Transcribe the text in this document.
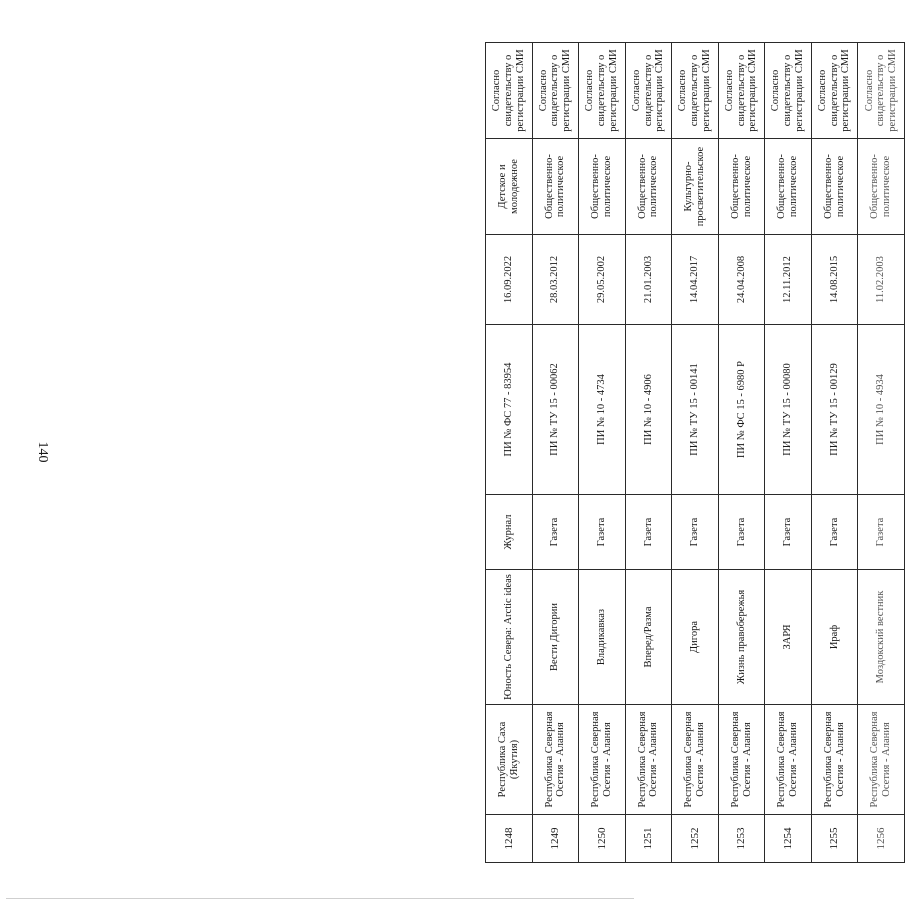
140
1248	Республика Саха (Якутия)	Юность Севера: Arctic ideas	Журнал	ПИ № ФС 77 - 83954	16.09.2022	Детское и молодежное	Согласно свидетельству о регистрации СМИ
1249	Республика Северная Осетия - Алания	Вести Дигории	Газета	ПИ № ТУ 15 - 00062	28.03.2012	Общественно-политическое	Согласно свидетельству о регистрации СМИ
1250	Республика Северная Осетия - Алания	Владикавказ	Газета	ПИ № 10 - 4734	29.05.2002	Общественно-политическое	Согласно свидетельству о регистрации СМИ
1251	Республика Северная Осетия - Алания	Вперед/Разма	Газета	ПИ № 10 - 4906	21.01.2003	Общественно-политическое	Согласно свидетельству о регистрации СМИ
1252	Республика Северная Осетия - Алания	Дигора	Газета	ПИ № ТУ 15 - 00141	14.04.2017	Культурно-просветительское	Согласно свидетельству о регистрации СМИ
1253	Республика Северная Осетия - Алания	Жизнь правобережья	Газета	ПИ № ФС 15 - 6980 Р	24.04.2008	Общественно-политическое	Согласно свидетельству о регистрации СМИ
1254	Республика Северная Осетия - Алания	ЗАРЯ	Газета	ПИ № ТУ 15 - 00080	12.11.2012	Общественно-политическое	Согласно свидетельству о регистрации СМИ
1255	Республика Северная Осетия - Алания	Ираф	Газета	ПИ № ТУ 15 - 00129	14.08.2015	Общественно-политическое	Согласно свидетельству о регистрации СМИ
1256	Республика Северная Осетия - Алания	Моздокский вестник	Газета	ПИ № 10 - 4934	11.02.2003	Общественно-политическое	Согласно свидетельству о регистрации СМИ
